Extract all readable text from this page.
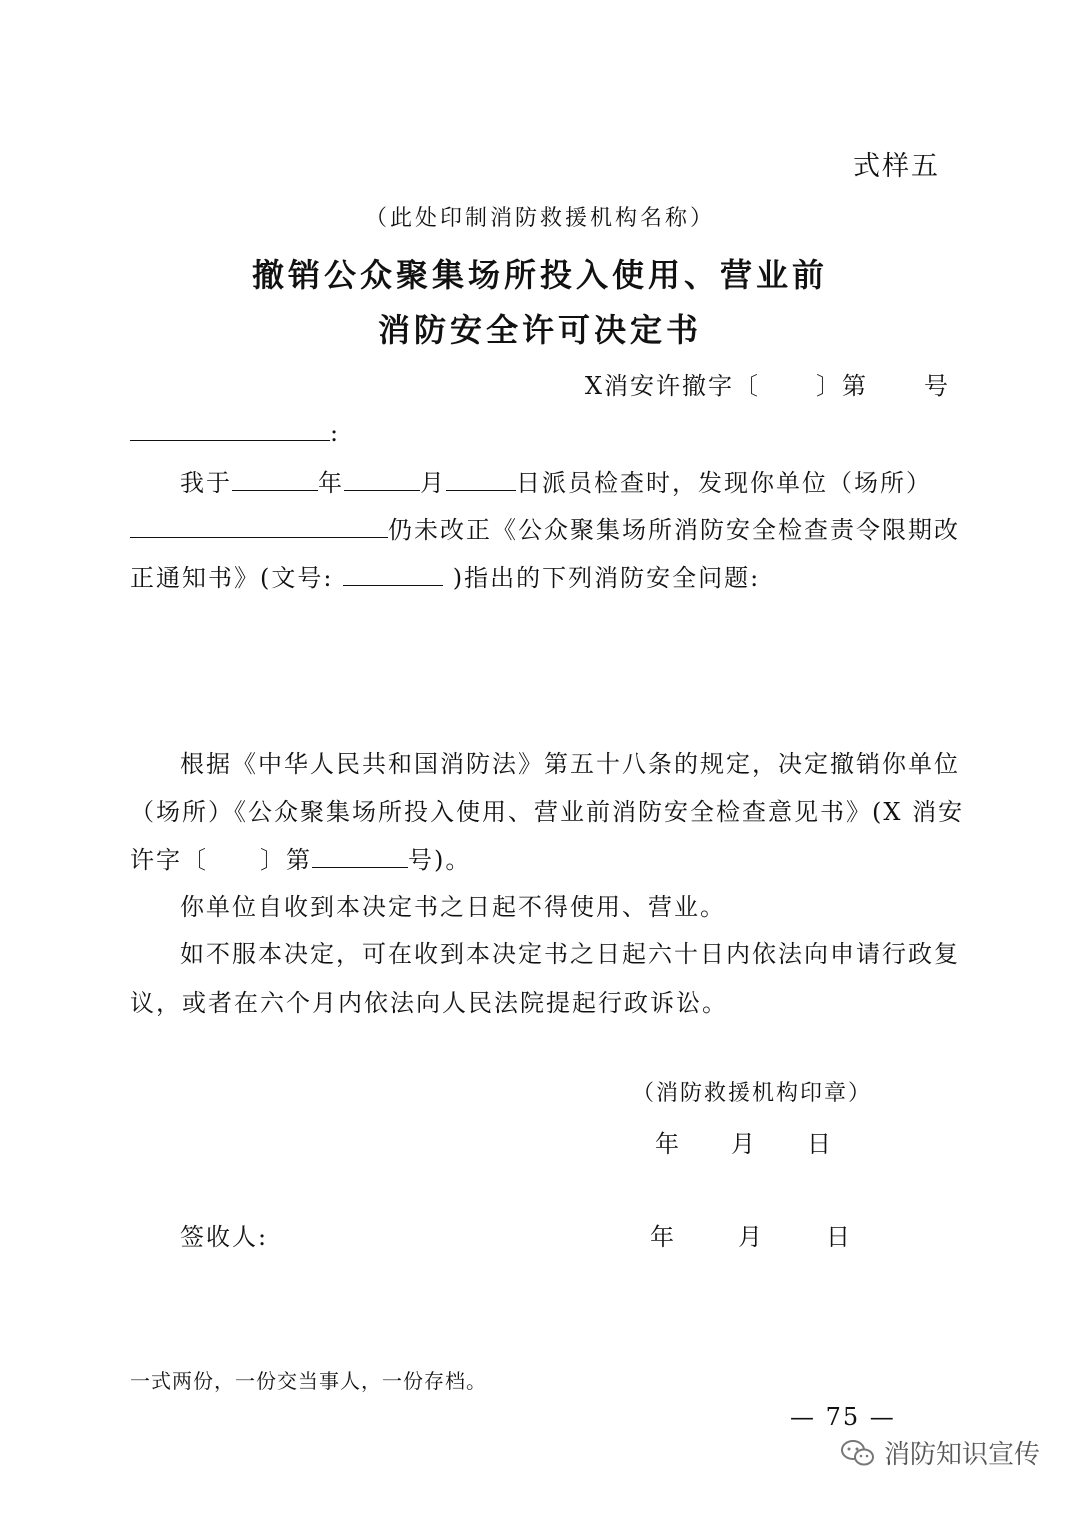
式样五
（此处印制消防救援机构名称）
撤销公众聚集场所投入使用、营业前
消防安全许可决定书
X消安许撤字〔 〕第 号
:
我于	年	月	日派员检查时，发现你单位（场所）
仍未改正《公众聚集场所消防安全检查责令限期改
正通知书》(文号:	)指出的下列消防安全问题:
根据《中华人民共和国消防法》第五十八条的规定，决定撤销你单位
（场所）《公众聚集场所投入使用、营业前消防安全检查意见书》(X 消安
许字〔 〕第	号)。
你单位自收到本决定书之日起不得使用、营业。
如不服本决定，可在收到本决定书之日起六十日内依法向申请行政复
议，或者在六个月内依法向人民法院提起行政诉讼。
（消防救援机构印章）
年 月 日
签收人:	年	月	日
一式两份，一份交当事人，一份存档。
— 75 —
消防知识宣传
